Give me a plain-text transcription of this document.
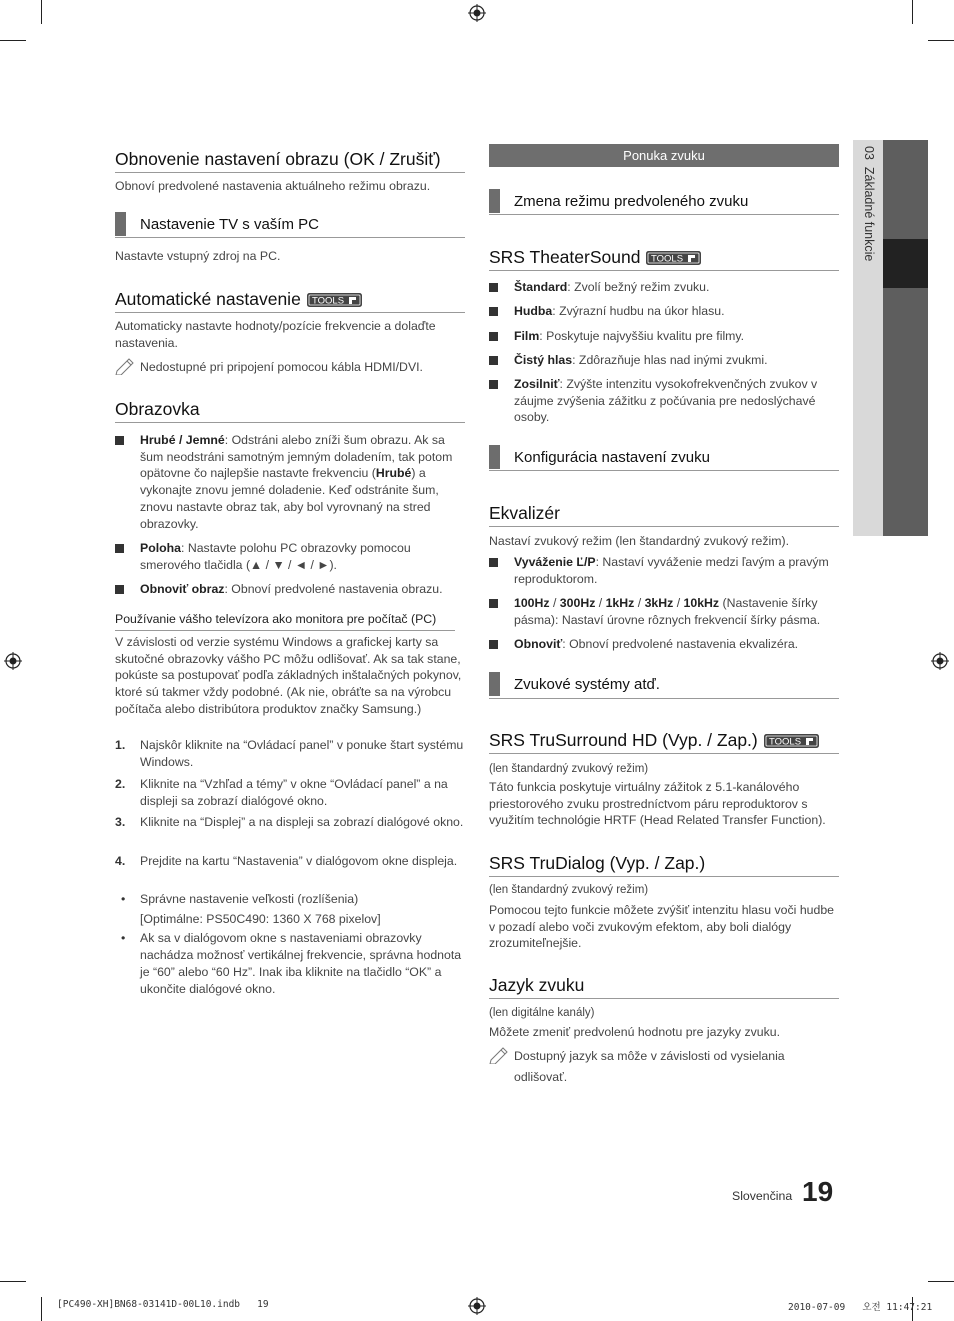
03  Základné funkcie
Obnovenie nastavení obrazu (OK / Zrušiť)
Obnoví predvolené nastavenia aktuálneho režimu obrazu.
Nastavenie TV s vaším PC
Nastavte vstupný zdroj na PC.
Automatické nastavenie TOOLS
Automaticky nastavte hodnoty/pozície frekvencie a dolaďte nastavenia.
Nedostupné pri pripojení pomocou kábla HDMI/DVI.
Obrazovka
Hrubé / Jemné: Odstráni alebo zníži šum obrazu. Ak sa šum neodstráni samotným jemným doladením, tak potom opätovne čo najlepšie nastavte frekvenciu (Hrubé) a vykonajte znovu jemné doladenie. Keď odstránite šum, znovu nastavte obraz tak, aby bol vyrovnaný na stred obrazovky.
Poloha: Nastavte polohu PC obrazovky pomocou smerového tlačidla (▲ / ▼ / ◄ / ►).
Obnoviť obraz: Obnoví predvolené nastavenia obrazu.
Používanie vášho televízora ako monitora pre počítač (PC)
V závislosti od verzie systému Windows a grafickej karty sa skutočné obrazovky vášho PC môžu odlišovať. Ak sa tak stane, pokúste sa postupovať podľa základných inštalačných pokynov, ktoré sú takmer vždy podobné. (Ak nie, obráťte sa na výrobcu počítača alebo distribútora produktov značky Samsung.)
1. Najskôr kliknite na “Ovládací panel” v ponuke štart systému Windows.
2. Kliknite na “Vzhľad a témy” v okne “Ovládací panel” a na displeji sa zobrazí dialógové okno.
3. Kliknite na “Displej” a na displeji sa zobrazí dialógové okno.
4. Prejdite na kartu “Nastavenia” v dialógovom okne displeja.
• Správne nastavenie veľkosti (rozlíšenia)
[Optimálne: PS50C490: 1360 X 768 pixelov]
• Ak sa v dialógovom okne s nastaveniami obrazovky nachádza možnosť vertikálnej frekvencie, správna hodnota je “60” alebo “60 Hz”. Inak iba kliknite na tlačidlo “OK” a ukončite dialógové okno.
Ponuka zvuku
Zmena režimu predvoleného zvuku
SRS TheaterSound TOOLS
Štandard: Zvolí bežný režim zvuku.
Hudba: Zvýrazní hudbu na úkor hlasu.
Film: Poskytuje najvyššiu kvalitu pre filmy.
Čistý hlas: Zdôrazňuje hlas nad inými zvukmi.
Zosilniť: Zvýšte intenzitu vysokofrekvenčných zvukov v záujme zvýšenia zážitku z počúvania pre nedoslýchavé osoby.
Konfigurácia nastavení zvuku
Ekvalizér
Nastaví zvukový režim (len štandardný zvukový režim).
Vyváženie Ľ/P: Nastaví vyváženie medzi ľavým a pravým reproduktorom.
100Hz / 300Hz / 1kHz / 3kHz / 10kHz (Nastavenie šírky pásma): Nastaví úrovne rôznych frekvencií šírky pásma.
Obnoviť: Obnoví predvolené nastavenia ekvalizéra.
Zvukové systémy atď.
SRS TruSurround HD (Vyp. / Zap.) TOOLS
(len štandardný zvukový režim)
Táto funkcia poskytuje virtuálny zážitok z 5.1-kanálového priestorového zvuku prostredníctvom páru reproduktorov s využitím technológie HRTF (Head Related Transfer Function).
SRS TruDialog (Vyp. / Zap.)
(len štandardný zvukový režim)
Pomocou tejto funkcie môžete zvýšiť intenzitu hlasu voči hudbe v pozadí alebo voči zvukovým efektom, aby boli dialógy zrozumiteľnejšie.
Jazyk zvuku
(len digitálne kanály)
Môžete zmeniť predvolenú hodnotu pre jazyky zvuku.
Dostupný jazyk sa môže v závislosti od vysielania odlišovať.
Slovenčina 19
[PC490-XH]BN68-03141D-00L10.indb   19	2010-07-09   오전 11:47:21
